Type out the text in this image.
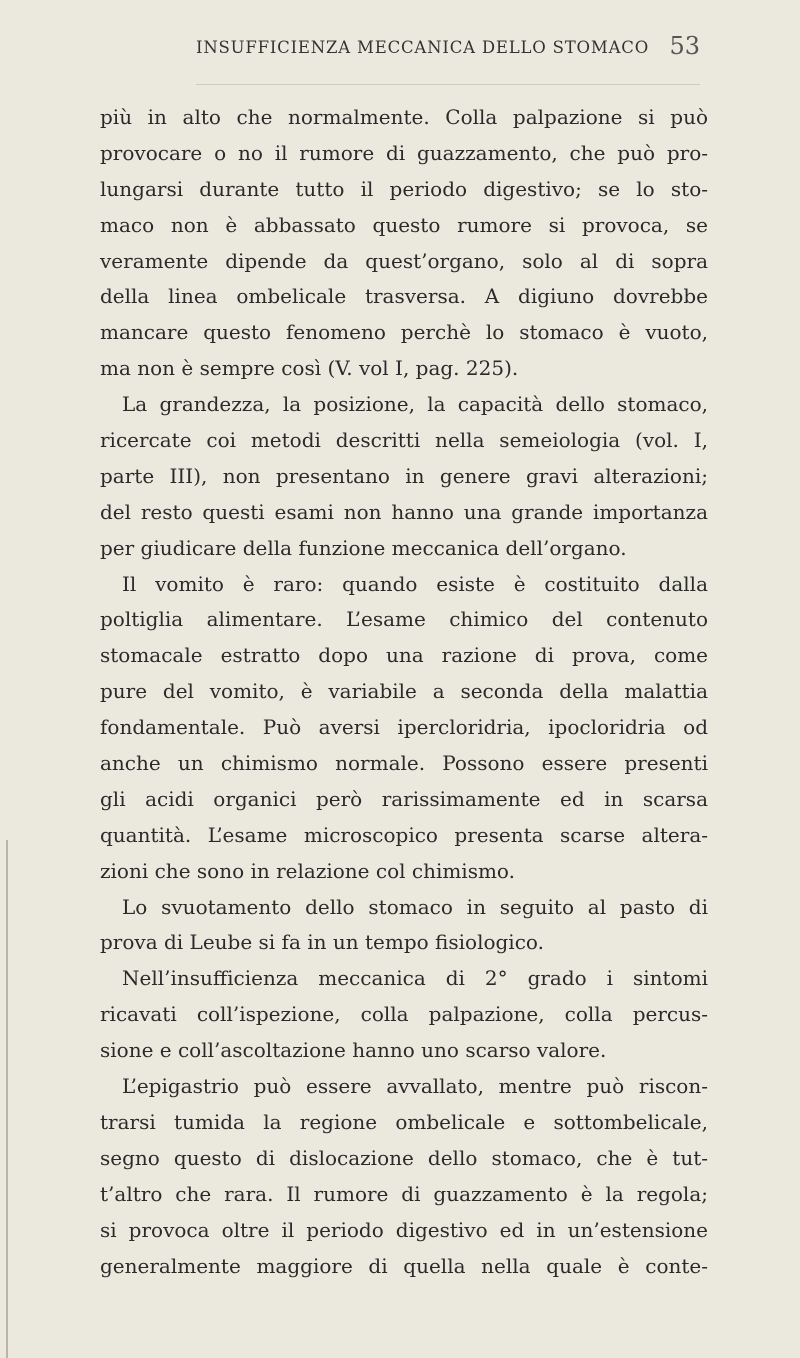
INSUFFICIENZA MECCANICA DELLO STOMACO 53
più in alto che normalmente. Colla palpazione si può
provocare o no il rumore di guazzamento, che può pro-
lungarsi durante tutto il periodo digestivo; se lo sto-
maco non è abbassato questo rumore si provoca, se
veramente dipende da quest’organo, solo al di sopra
della linea ombelicale trasversa. A digiuno dovrebbe
mancare questo fenomeno perchè lo stomaco è vuoto,
ma non è sempre così (V. vol I, pag. 225).
La grandezza, la posizione, la capacità dello stomaco,
ricercate coi metodi descritti nella semeiologia (vol. I,
parte III), non presentano in genere gravi alterazioni;
del resto questi esami non hanno una grande importanza
per giudicare della funzione meccanica dell’organo.
Il vomito è raro: quando esiste è costituito dalla
poltiglia alimentare. L’esame chimico del contenuto
stomacale estratto dopo una razione di prova, come
pure del vomito, è variabile a seconda della malattia
fondamentale. Può aversi ipercloridria, ipocloridria od
anche un chimismo normale. Possono essere presenti
gli acidi organici però rarissimamente ed in scarsa
quantità. L’esame microscopico presenta scarse altera-
zioni che sono in relazione col chimismo.
Lo svuotamento dello stomaco in seguito al pasto di
prova di Leube si fa in un tempo fisiologico.
Nell’insufficienza meccanica di 2° grado i sintomi
ricavati coll’ispezione, colla palpazione, colla percus-
sione e coll’ascoltazione hanno uno scarso valore.
L’epigastrio può essere avvallato, mentre può riscon-
trarsi tumida la regione ombelicale e sottombelicale,
segno questo di dislocazione dello stomaco, che è tut-
t’altro che rara. Il rumore di guazzamento è la regola;
si provoca oltre il periodo digestivo ed in un’estensione
generalmente maggiore di quella nella quale è conte-
